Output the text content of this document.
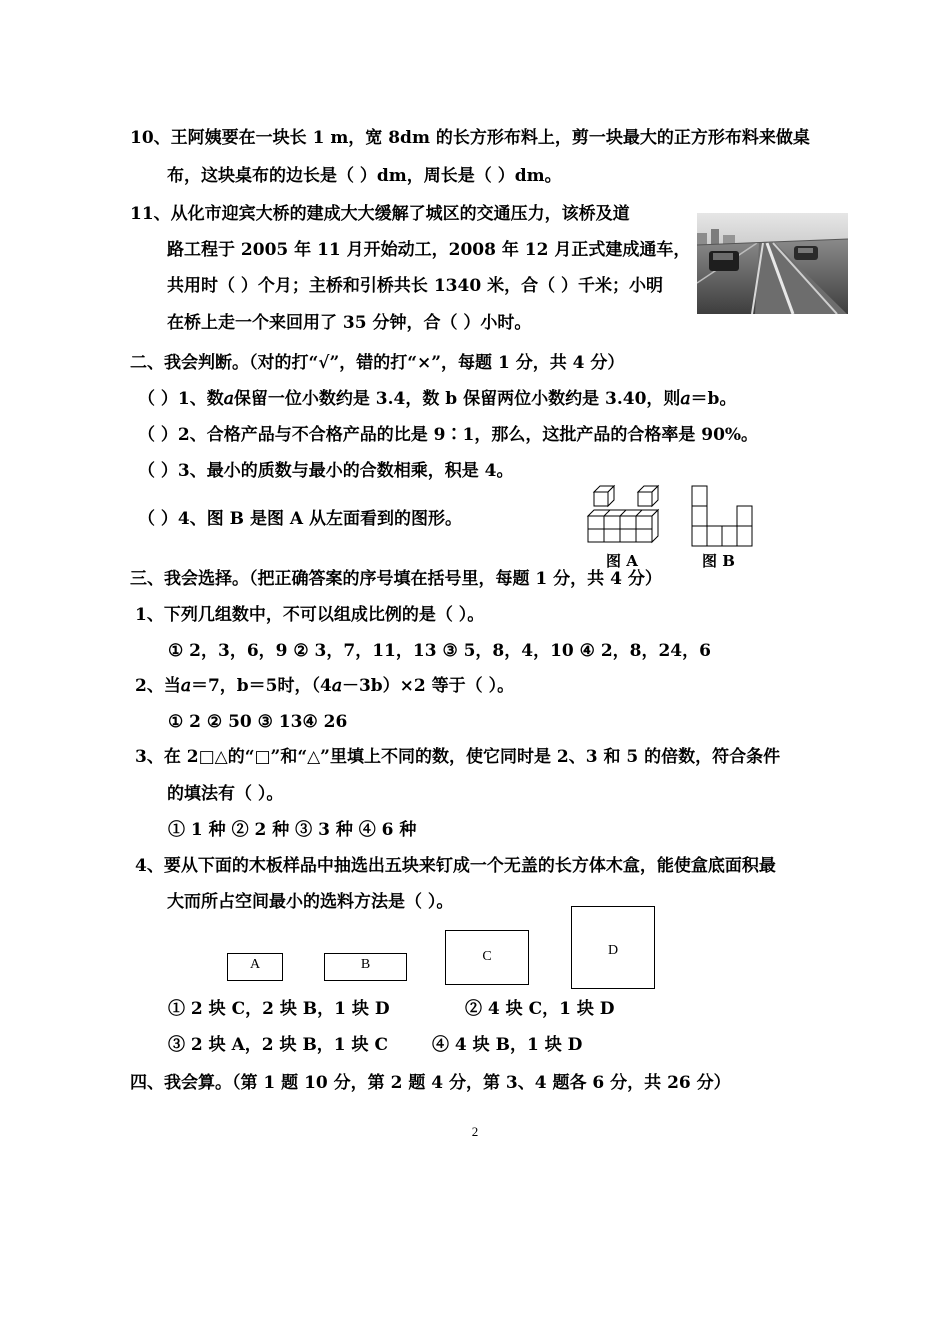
10、王阿姨要在一块长 1 m，宽 8dm 的长方形布料上，剪一块最大的正方形布料来做桌
布，这块桌布的边长是（ ）dm，周长是（ ）dm。
11、从化市迎宾大桥的建成大大缓解了城区的交通压力，该桥及道
路工程于 2005 年 11 月开始动工，2008 年 12 月正式建成通车，
共用时（ ）个月；主桥和引桥共长 1340 米，合（ ）千米；小明
在桥上走一个来回用了 35 分钟，合（ ）小时。
二、我会判断。（对的打“√”，错的打“×”，每题 1 分，共 4 分）
（ ）1、数𝑎保留一位小数约是 3.4，数 b 保留两位小数约是 3.40，则𝑎＝b。
（ ）2、合格产品与不合格产品的比是 9∶1，那么，这批产品的合格率是 90%。
（ ）3、最小的质数与最小的合数相乘，积是 4。
（ ）4、图 B 是图 A 从左面看到的图形。
图 A	图 B
三、我会选择。（把正确答案的序号填在括号里，每题 1 分，共 4 分）
1、下列几组数中，不可以组成比例的是（ ）。
① 2，3，6，9 ② 3，7，11，13 ③ 5，8，4，10 ④ 2，8，24，6
2、当𝑎＝7，b＝5时，（4𝑎－3b）×2 等于（ ）。
① 2 ② 50 ③ 13④ 26
3、在 2□△的“□”和“△”里填上不同的数，使它同时是 2、3 和 5 的倍数，符合条件
的填法有（ ）。
① 1 种 ② 2 种 ③ 3 种 ④ 6 种
4、要从下面的木板样品中抽选出五块来钉成一个无盖的长方体木盒，能使盒底面积最
大而所占空间最小的选料方法是（ ）。
A	B
C	D
① 2 块 C，2 块 B，1 块 D	② 4 块 C，1 块 D
③ 2 块 A，2 块 B，1 块 C	④ 4 块 B，1 块 D
四、我会算。（第 1 题 10 分，第 2 题 4 分，第 3、4 题各 6 分，共 26 分）
2
